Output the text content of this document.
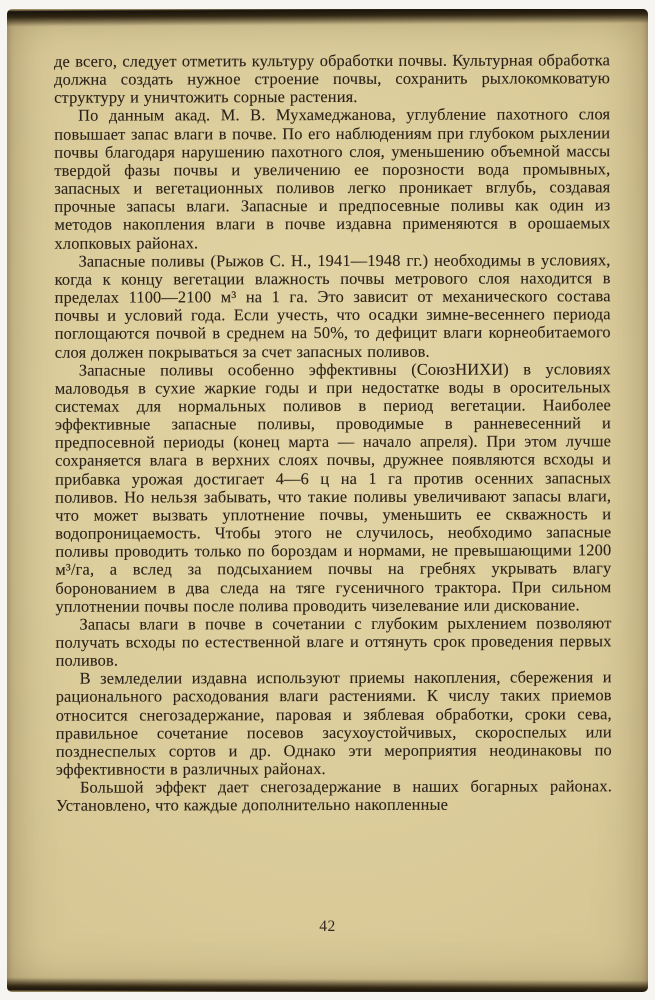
де всего, следует отметить культуру обработки почвы. Культурная обработка должна создать нужное строение почвы, сохранить рыхлокомковатую структуру и уничтожить сорные растения.

По данным акад. М. В. Мухамеджанова, углубление пахотного слоя повышает запас влаги в почве. По его наблюдениям при глубоком рыхлении почвы благодаря нарушению пахотного слоя, уменьшению объемной массы твердой фазы почвы и увеличению ее порозности вода промывных, запасных и вегетационных поливов легко проникает вглубь, создавая прочные запасы влаги. Запасные и предпосевные поливы как один из методов накопления влаги в почве издавна применяются в орошаемых хлопковых районах.

Запасные поливы (Рыжов С. Н., 1941—1948 гг.) необходимы в условиях, когда к концу вегетации влажность почвы метрового слоя находится в пределах 1100—2100 м³ на 1 га. Это зависит от механического состава почвы и условий года. Если учесть, что осадки зимне-весеннего периода поглощаются почвой в среднем на 50%, то дефицит влаги корнеобитаемого слоя должен покрываться за счет запасных поливов.

Запасные поливы особенно эффективны (СоюзНИХИ) в условиях маловодья в сухие жаркие годы и при недостатке воды в оросительных системах для нормальных поливов в период вегетации. Наиболее эффективные запасные поливы, проводимые в ранневесенний и предпосевной периоды (конец марта — начало апреля). При этом лучше сохраняется влага в верхних слоях почвы, дружнее появляются всходы и прибавка урожая достигает 4—6 ц на 1 га против осенних запасных поливов. Но нельзя забывать, что такие поливы увеличивают запасы влаги, что может вызвать уплотнение почвы, уменьшить ее скважность и водопроницаемость. Чтобы этого не случилось, необходимо запасные поливы проводить только по бороздам и нормами, не превышающими 1200 м³/га, а вслед за подсыханием почвы на гребнях укрывать влагу боронованием в два следа на тяге гусеничного трактора. При сильном уплотнении почвы после полива проводить чизелевание или дискование.

Запасы влаги в почве в сочетании с глубоким рыхлением позволяют получать всходы по естественной влаге и оттянуть срок проведения первых поливов.

В земледелии издавна используют приемы накопления, сбережения и рационального расходования влаги растениями. К числу таких приемов относится снегозадержание, паровая и зяблевая обработки, сроки сева, правильное сочетание посевов засухоустойчивых, скороспелых или позднеспелых сортов и др. Однако эти мероприятия неодинаковы по эффективности в различных районах.

Большой эффект дает снегозадержание в наших богарных районах. Установлено, что каждые дополнительно накопленные

42
